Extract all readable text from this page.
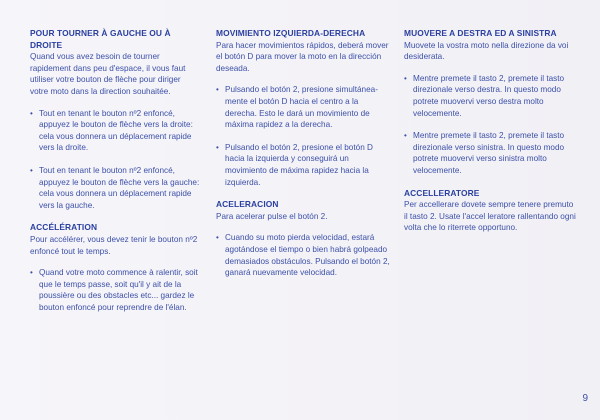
POUR TOURNER À GAUCHE OU À DROITE

Quand vous avez besoin de tourner rapidement dans peu d'espace, il vous faut utiliser votre bouton de flèche pour diriger votre moto dans la direction souhaitée.

• Tout en tenant le bouton nº2 enfoncé, appuyez le bouton de flèche vers la droite: cela vous donnera un déplacement rapide vers la droite.
• Tout en tenant le bouton nº2 enfoncé, appuyez le bouton de flèche vers la gauche: cela vous donnera un déplacement rapide vers la gauche.
ACCÉLÉRATION

Pour accélérer, vous devez tenir le bouton nº2 enfoncé tout le temps.

• Quand votre moto commence à ralentir, soit que le temps passe, soit qu'il y ait de la poussière ou des obstacles etc... gardez le bouton enfoncé pour reprendre de l'élan.
MOVIMIENTO IZQUIERDA-DERECHA

Para hacer movimientos rápidos, deberá mover el botón D para mover la moto en la dirección deseada.

• Pulsando el botón 2, presione simultánea-mente el botón D hacia el centro a la derecha. Esto le dará un movimiento de máxima rapidez a la derecha.
• Pulsando el botón 2, presione el botón D hacia la izquierda y conseguirá un movimiento de máxima rapidez hacia la izquierda.
ACELERACION

Para acelerar pulse el botón 2.

• Cuando su moto pierda velocidad, estará agotándose el tiempo o bien habrá golpeado demasiados obstáculos. Pulsando el botón 2, ganará nuevamente velocidad.
MUOVERE A DESTRA ED A SINISTRA

Muovete la vostra moto nella direzione da voi desiderata.

• Mentre premete il tasto 2, premete il tasto direzionale verso destra. In questo modo potrete muovervi verso destra molto velocemente.
• Mentre premete il tasto 2, premete il tasto direzionale verso sinistra. In questo modo potrete muovervi verso sinistra molto velocemente.
ACCELLERATORE

Per accellerare dovete sempre tenere premuto il tasto 2. Usate l'accel leratore rallentando ogni volta che lo riterrete opportuno.

9
